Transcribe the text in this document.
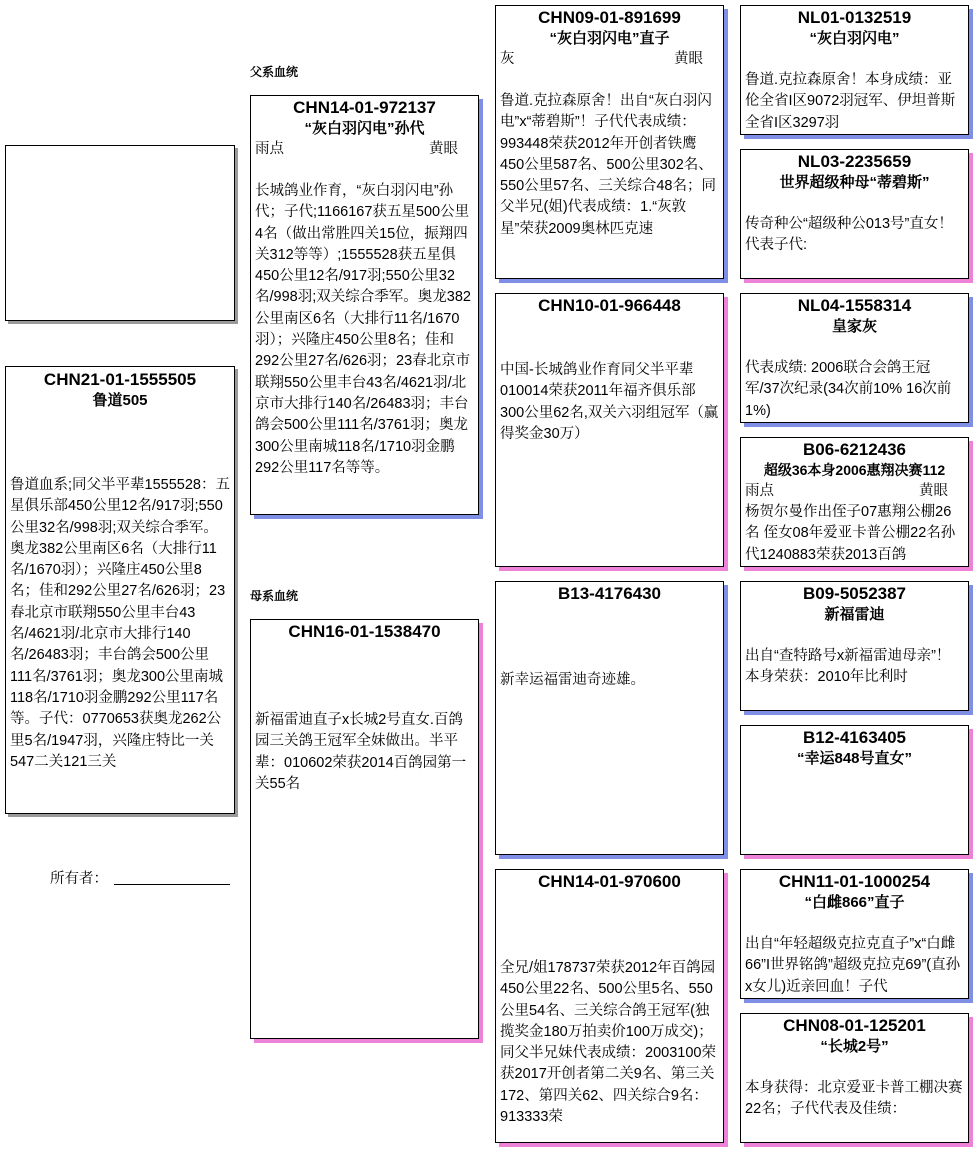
CHN21-01-1555505
鲁道505
鲁道血系;同父半平辈1555528：五星俱乐部450公里12名/917羽;550公里32名/998羽;双关综合季军。奥龙382公里南区6名（大排行11名/1670羽）；兴隆庄450公里8名；佳和292公里27名/626羽；23春北京市联翔550公里丰台43名/4621羽/北京市大排行140名/26483羽；丰台鸽会500公里111名/3761羽；奥龙300公里南城118名/1710羽金鹏292公里117名等。子代：0770653获奥龙262公里5名/1947羽，兴隆庄特比一关547二关121三关
所有者：
父系血统
母系血统
CHN14-01-972137
“灰白羽闪电”孙代
雨点	黄眼
长城鸽业作育，“灰白羽闪电”孙代；子代;1166167获五星500公里4名（做出常胜四关15位，振翔四关312等等）;1555528获五星俱450公里12名/917羽;550公里32名/998羽;双关综合季军。奥龙382公里南区6名（大排行11名/1670羽）；兴隆庄450公里8名；佳和292公里27名/626羽；23春北京市联翔550公里丰台43名/4621羽/北京市大排行140名/26483羽；丰台鸽会500公里111名/3761羽；奥龙300公里南城118名/1710羽金鹏292公里117名等等。
CHN16-01-1538470
新福雷迪直子x长城2号直女.百鸽园三关鸽王冠军全妹做出。半平辈：010602荣获2014百鸽园第一关55名
CHN09-01-891699
“灰白羽闪电”直子
灰	黄眼
鲁道.克拉森原舍！出自“灰白羽闪电”x“蒂碧斯”！子代代表成绩：993448荣获2012年开创者铁鹰450公里587名、500公里302名、550公里57名、三关综合48名；同父半兄(姐)代表成绩：1.“灰敦星”荣获2009奥林匹克速
CHN10-01-966448
中国-长城鸽业作育同父半平辈010014荣获2011年福齐俱乐部300公里62名,双关六羽组冠军（赢得奖金30万）
B13-4176430
新幸运福雷迪奇迹雄。
CHN14-01-970600
全兄/姐178737荣获2012年百鸽园450公里22名、500公里5名、550公里54名、三关综合鸽王冠军(独揽奖金180万拍卖价100万成交)；同父半兄妹代表成绩：2003100荣获2017开创者第二关9名、第三关172、第四关62、四关综合9名：913333荣
NL01-0132519
“灰白羽闪电”
鲁道.克拉森原舍！本身成绩：亚伦全省I区9072羽冠军、伊坦普斯全省I区3297羽
NL03-2235659
世界超级种母“蒂碧斯”
传奇种公“超级种公013号”直女！代表子代:
NL04-1558314
皇家灰
代表成绩: 2006联合会鸽王冠军/37次纪录(34次前10% 16次前1%)
B06-6212436
超级36本身2006惠翔决赛112
雨点	黄眼
杨贺尔曼作出侄子07惠翔公棚26名 侄女08年爱亚卡普公棚22名孙代1240883荣获2013百鸽
B09-5052387
新福雷迪
出自“查特路号x新福雷迪母亲”！本身荣获：2010年比利时
B12-4163405
“幸运848号直女”
CHN11-01-1000254
“白雌866”直子
出自“年轻超级克拉克直子”x“白雌66”I世界铭鸽”超级克拉克69”(直孙x女儿)近亲回血！子代
CHN08-01-125201
“长城2号”
本身获得：北京爱亚卡普工棚决赛22名；子代代表及佳绩：
